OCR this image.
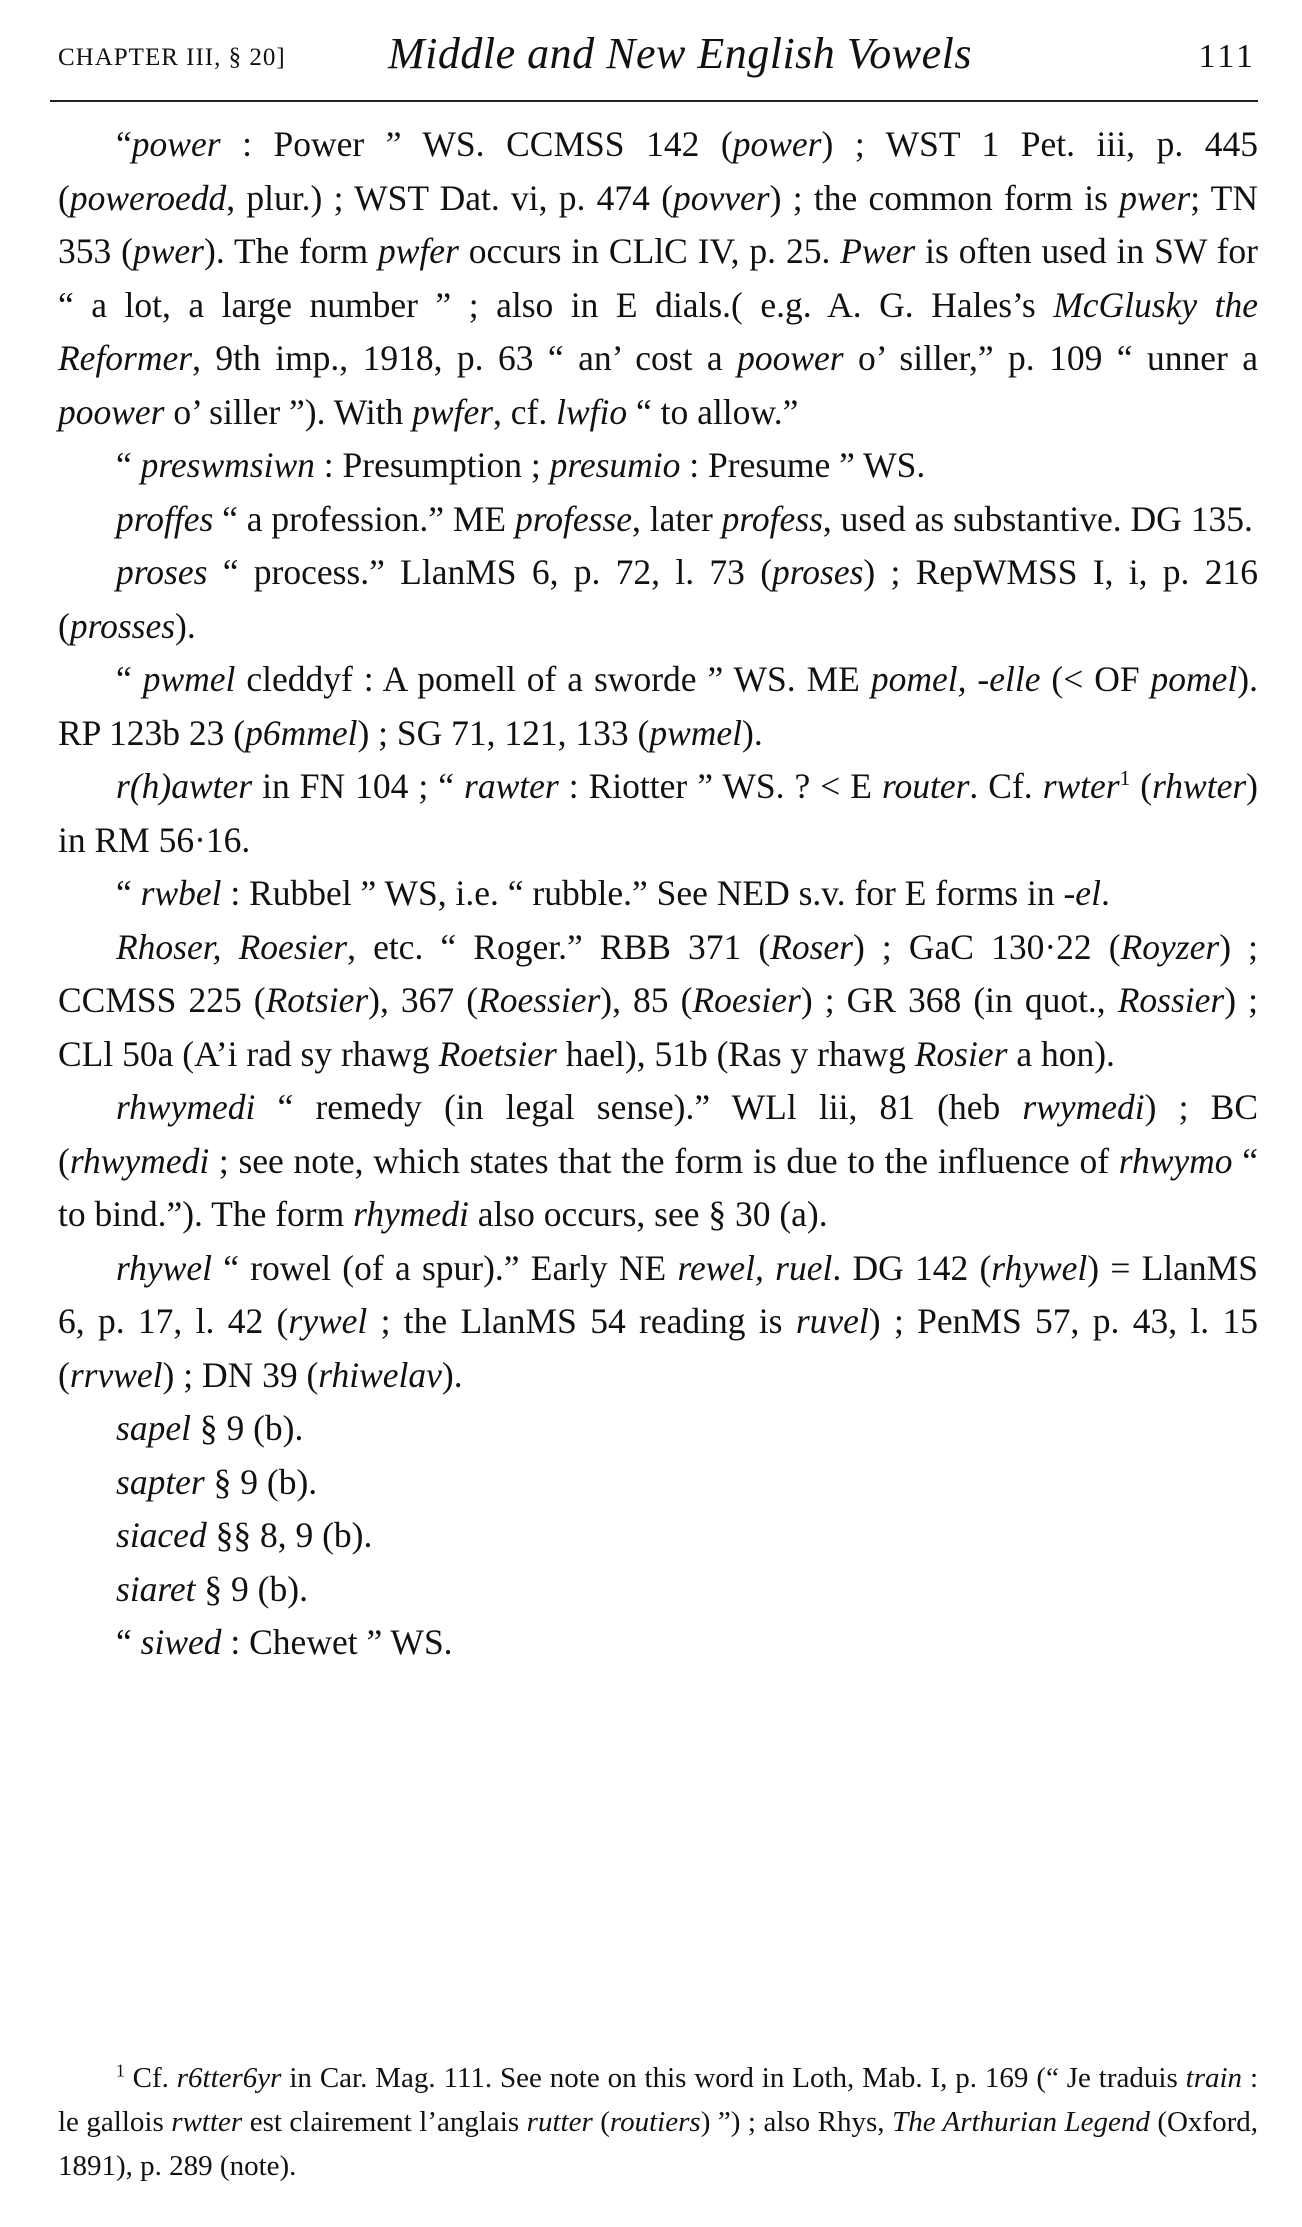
CHAPTER III, § 20] Middle and New English Vowels	111

“power : Power ” WS. CCMSS 142 (power) ; WST 1 Pet. iii, p. 445 (poweroedd, plur.) ; WST Dat. vi, p. 474 (povver) ; the common form is pwer; TN 353 (pwer). The form pwfer occurs in CLlC IV, p. 25. Pwer is often used in SW for “ a lot, a large number ” ; also in E dials.( e.g. A. G. Hales’s McGlusky the Reformer, 9th imp., 1918, p. 63 “ an’ cost a poower o’ siller,” p. 109 “ unner a poower o’ siller ”). With pwfer, cf. lwfio “ to allow.”

“ preswmsiwn : Presumption ; presumio : Presume ” WS.

proffes “ a profession.” ME professe, later profess, used as substantive. DG 135.

proses “ process.” LlanMS 6, p. 72, l. 73 (proses) ; RepWMSS I, i, p. 216 (prosses).

“ pwmel cleddyf : A pomell of a sworde ” WS. ME pomel, -elle (< OF pomel). RP 123b 23 (p6mmel) ; SG 71, 121, 133 (pwmel).

r(h)awter in FN 104 ; “ rawter : Riotter ” WS. ? < E router. Cf. rwter$^1$ (rhwter) in RM 56·16.

“ rwbel : Rubbel ” WS, i.e. “ rubble.” See NED s.v. for E forms in -el.

Rhoser, Roesier, etc. “ Roger.” RBB 371 (Roser) ; GaC 130·22 (Royzer) ; CCMSS 225 (Rotsier), 367 (Roessier), 85 (Roesier) ; GR 368 (in quot., Rossier) ; CLl 50a (A’i rad sy rhawg Roetsier hael), 51b (Ras y rhawg Rosier a hon).

rhwymedi “ remedy (in legal sense).” WLl lii, 81 (heb rwymedi) ; BC (rhwymedi ; see note, which states that the form is due to the influence of rhwymo “ to bind.”). The form rhymedi also occurs, see § 30 (a).

rhywel “ rowel (of a spur).” Early NE rewel, ruel. DG 142 (rhywel) = LlanMS 6, p. 17, l. 42 (rywel ; the LlanMS 54 reading is ruvel) ; PenMS 57, p. 43, l. 15 (rrvwel) ; DN 39 (rhiwelav).

sapel § 9 (b).

sapter § 9 (b).

siaced §§ 8, 9 (b).

siaret § 9 (b).

“ siwed : Chewet ” WS.

$^1$ Cf. r6tter6yr in Car. Mag. 111. See note on this word in Loth, Mab. I, p. 169 (“ Je traduis train : le gallois rwtter est clairement l’anglais rutter (routiers) ”) ; also Rhys, The Arthurian Legend (Oxford, 1891), p. 289 (note).
